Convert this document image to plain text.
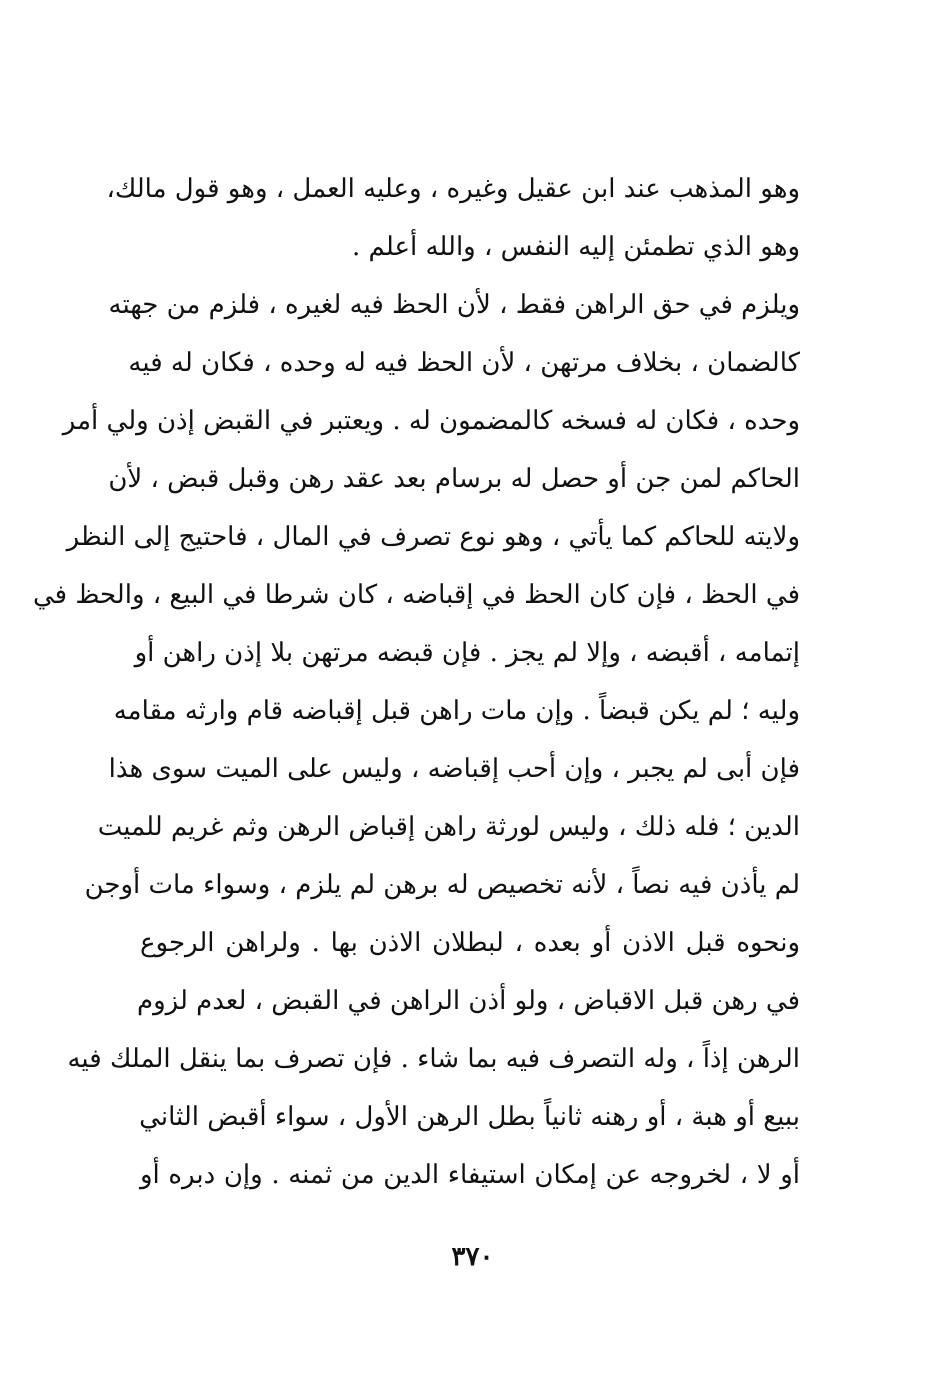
وهو المذهب عند ابن عقيل وغيره ، وعليه العمل ، وهو قول مالك،
وهو الذي تطمئن إليه النفس ، والله أعلم .
ويلزم في حق الراهن فقط ، لأن الحظ فيه لغيره ، فلزم من جهته
كالضمان ، بخلاف مرتهن ، لأن الحظ فيه له وحده ، فكان له فيه
وحده ، فكان له فسخه كالمضمون له . ويعتبر في القبض إذن ولي أمر
الحاكم لمن جن أو حصل له برسام بعد عقد رهن وقبل قبض ، لأن
ولايته للحاكم كما يأتي ، وهو نوع تصرف في المال ، فاحتيج إلى النظر
في الحظ ، فإن كان الحظ في إقباضه ، كان شرطا في البيع ، والحظ في
إتمامه ، أقبضه ، وإلا لم يجز . فإن قبضه مرتهن بلا إذن راهن أو
وليه ؛ لم يكن قبضاً . وإن مات راهن قبل إقباضه قام وارثه مقامه
فإن أبى لم يجبر ، وإن أحب إقباضه ، وليس على الميت سوى هذا
الدين ؛ فله ذلك ، وليس لورثة راهن إقباض الرهن وثم غريم للميت
لم يأذن فيه نصاً ، لأنه تخصيص له برهن لم يلزم ، وسواء مات أوجن
ونحوه قبل الاذن أو بعده ، لبطلان الاذن بها . ولراهن الرجوع
في رهن قبل الاقباض ، ولو أذن الراهن في القبض ، لعدم لزوم
الرهن إذاً ، وله التصرف فيه بما شاء . فإن تصرف بما ينقل الملك فيه
ببيع أو هبة ، أو رهنه ثانياً بطل الرهن الأول ، سواء أقبض الثاني
أو لا ، لخروجه عن إمكان استيفاء الدين من ثمنه . وإن دبره أو
٣٧٠
